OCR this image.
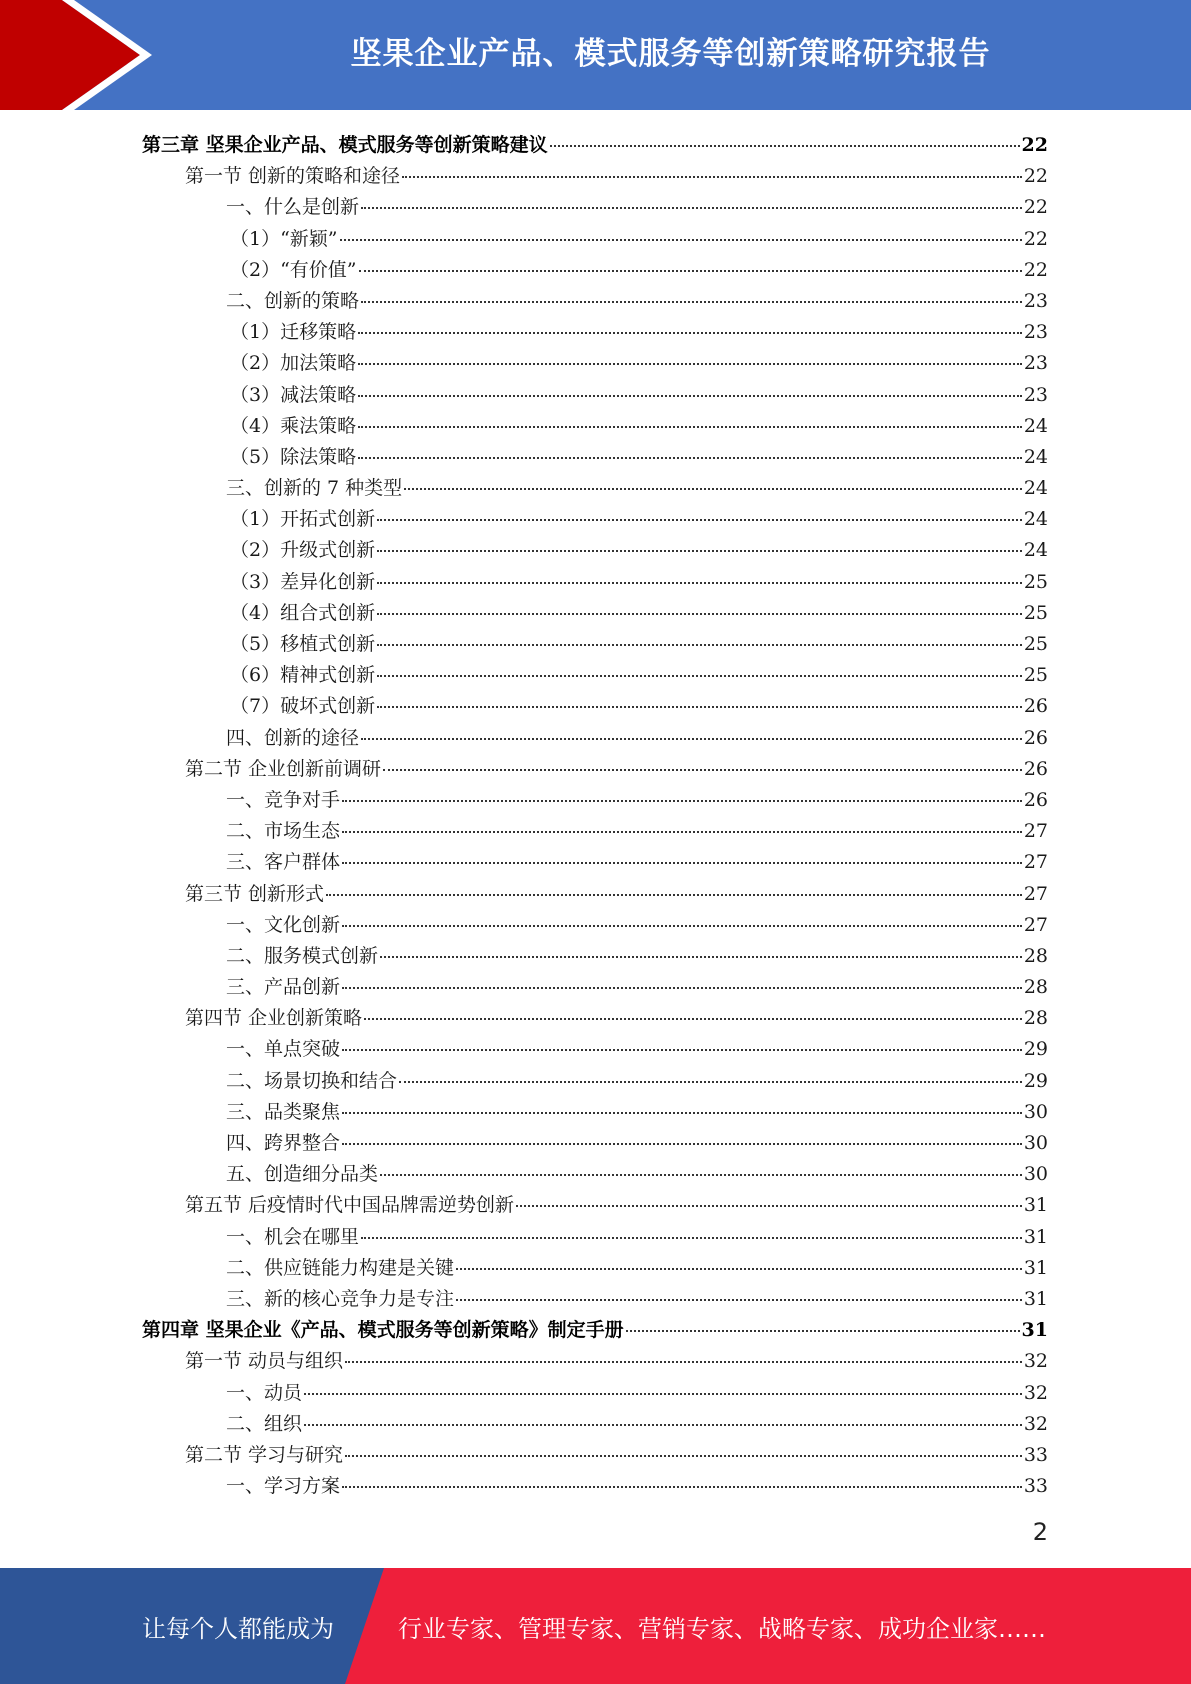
坚果企业产品、模式服务等创新策略研究报告
第三章 坚果企业产品、模式服务等创新策略建议	22
第一节 创新的策略和途径	22
一、什么是创新	22
（1）“新颖”	22
（2）“有价值”	22
二、创新的策略	23
（1）迁移策略	23
（2）加法策略	23
（3）减法策略	23
（4）乘法策略	24
（5）除法策略	24
三、创新的 7 种类型	24
（1）开拓式创新	24
（2）升级式创新	24
（3）差异化创新	25
（4）组合式创新	25
（5）移植式创新	25
（6）精神式创新	25
（7）破坏式创新	26
四、创新的途径	26
第二节 企业创新前调研	26
一、竞争对手	26
二、市场生态	27
三、客户群体	27
第三节 创新形式	27
一、文化创新	27
二、服务模式创新	28
三、产品创新	28
第四节 企业创新策略	28
一、单点突破	29
二、场景切换和结合	29
三、品类聚焦	30
四、跨界整合	30
五、创造细分品类	30
第五节 后疫情时代中国品牌需逆势创新	31
一、机会在哪里	31
二、供应链能力构建是关键	31
三、新的核心竞争力是专注	31
第四章 坚果企业《产品、模式服务等创新策略》制定手册	31
第一节 动员与组织	32
一、动员	32
二、组织	32
第二节 学习与研究	33
一、学习方案	33
2
让每个人都能成为	行业专家、管理专家、营销专家、战略专家、成功企业家……
